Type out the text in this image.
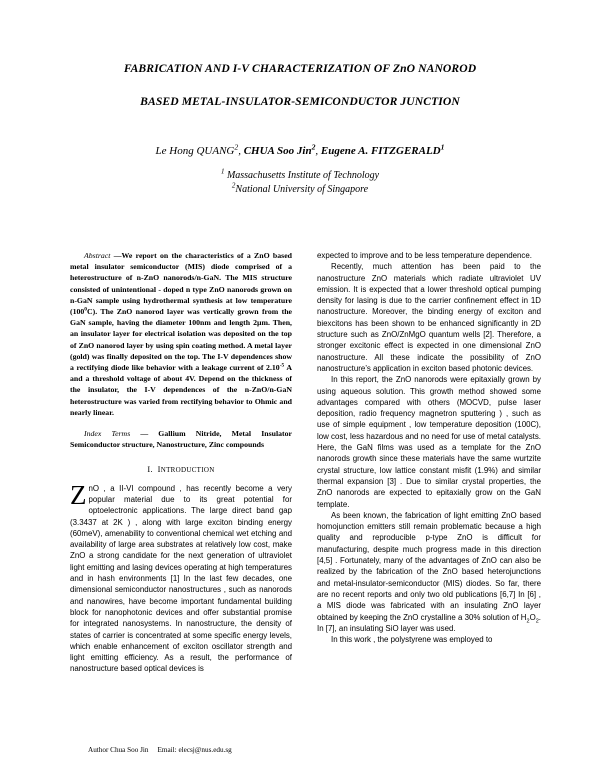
FABRICATION AND I-V CHARACTERIZATION OF ZnO NANOROD
BASED METAL-INSULATOR-SEMICONDUCTOR JUNCTION
Le Hong QUANG$^2$, CHUA Soo Jin$^2$, Eugene A. FITZGERALD$^1$
$^1$ Massachusetts Institute of Technology
$^2$National University of Singapore

Abstract —We report on the characteristics of a ZnO based metal insulator semiconductor (MIS) diode comprised of a heterostructure of n-ZnO nanorods/n-GaN. The MIS structure consisted of unintentional - doped n type ZnO nanorods grown on n-GaN sample using hydrothermal synthesis at low temperature $(100^0C)$. The ZnO nanorod layer was vertically grown from the GaN sample, having the diameter 100nm and length 2µm. Then, an insulator layer for electrical isolation was deposited on the top of ZnO nanorod layer by using spin coating method. A metal layer (gold) was finally deposited on the top. The I-V dependences show a rectifying diode like behavior with a leakage current of $2.10^{-5}$ A and a threshold voltage of about 4V. Depend on the thickness of the insulator, the I-V dependences of the n-ZnO/n-GaN heterostructure was varied from rectifying behavior to Ohmic and nearly linear.

Index Terms — Gallium Nitride, Metal Insulator Semiconductor structure, Nanostructure, Zinc compounds

I. INTRODUCTION

ZnO , a II-VI compound , has recently become a very popular material due to its great potential for optoelectronic applications. The large direct band gap (3.3437 at 2K ) , along with large exciton binding energy (60meV), amenability to conventional chemical wet etching and availability of large area substrates at relatively low cost, make ZnO a strong candidate for the next generation of ultraviolet light emitting and lasing devices operating at high temperatures and in hash environments [1] In the last few decades, one dimensional semiconductor nanostructures , such as nanorods and nanowires, have become important fundamental building block for nanophotonic devices and offer substantial promise for integrated nanosystems. In nanostructure, the density of states of carrier is concentrated at some specific energy levels, which enable enhancement of exciton oscillator strength and light emitting efficiency. As a result, the performance of nanostructure based optical devices is

expected to improve and to be less temperature dependence.

Recently, much attention has been paid to the nanostructure ZnO materials which radiate ultraviolet UV emission. It is expected that a lower threshold optical pumping density for lasing is due to the carrier confinement effect in 1D nanostructure. Moreover, the binding energy of exciton and biexcitons has been shown to be enhanced significantly in 2D structure such as ZnO/ZnMgO quantum wells [2]. Therefore, a stronger excitonic effect is expected in one dimensional ZnO nanostructure. All these indicate the possibility of ZnO nanostructure’s application in exciton based photonic devices.

In this report, the ZnO nanorods were epitaxially grown by using aqueous solution. This growth method showed some advantages compared with others (MOCVD, pulse laser deposition, radio frequency magnetron sputtering ) , such as use of simple equipment , low temperature deposition (100C), low cost, less hazardous and no need for use of metal catalysts. Here, the GaN films was used as a template for the ZnO nanorods growth since these materials have the same wurtzite crystal structure, low lattice constant misfit (1.9%) and similar thermal expansion [3] . Due to similar crystal properties, the ZnO nanorods are expected to epitaxially grow on the GaN template.

As been known, the fabrication of light emitting ZnO based homojunction emitters still remain problematic because a high quality and reproducible p-type ZnO is difficult for manufacturing, despite much progress made in this direction [4,5] . Fortunately, many of the advantages of ZnO can also be realized by the fabrication of the ZnO based heterojunctions and metal-insulator-semiconductor (MIS) diodes. So far, there are no recent reports and only two old publications [6,7] In [6] , a MIS diode was fabricated with an insulating ZnO layer obtained by keeping the ZnO crystalline a 30% solution of $H_2O_2$. In [7], an insulating SiO layer was used.

In this work , the polystyrene was employed to

Author Chua Soo Jin Email: elecsj@nus.edu.sg
